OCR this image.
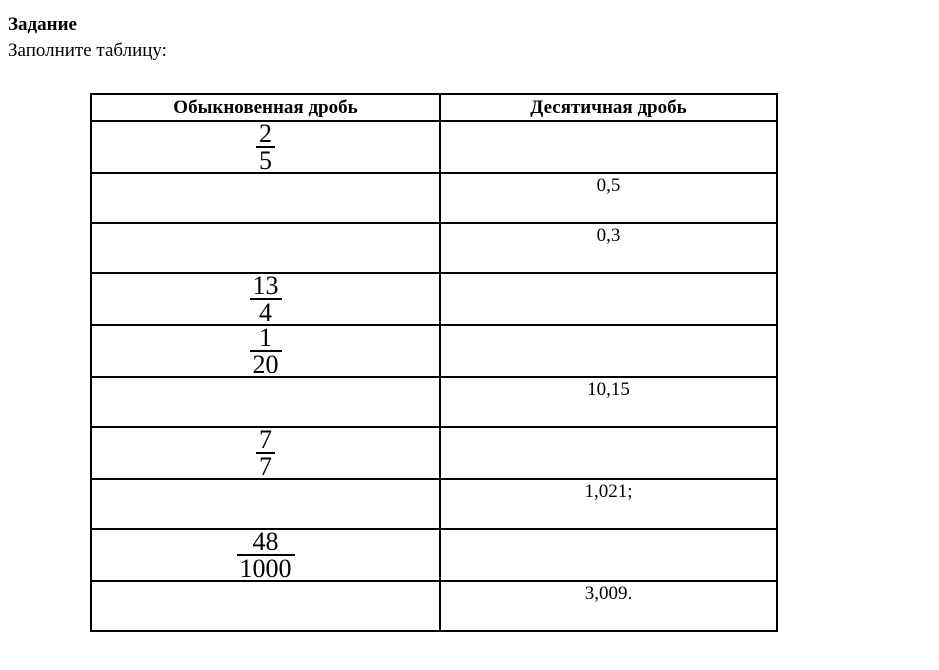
Задание
Заполните таблицу:
Обыкновенная дробь	Десятичная дробь

$\frac{2}{5}$

	0,5
	0,3

$\frac{13}{4}$

$\frac{1}{20}$

	10,15

$\frac{7}{7}$

	1,021;

$\frac{48}{1000}$

	3,009.
